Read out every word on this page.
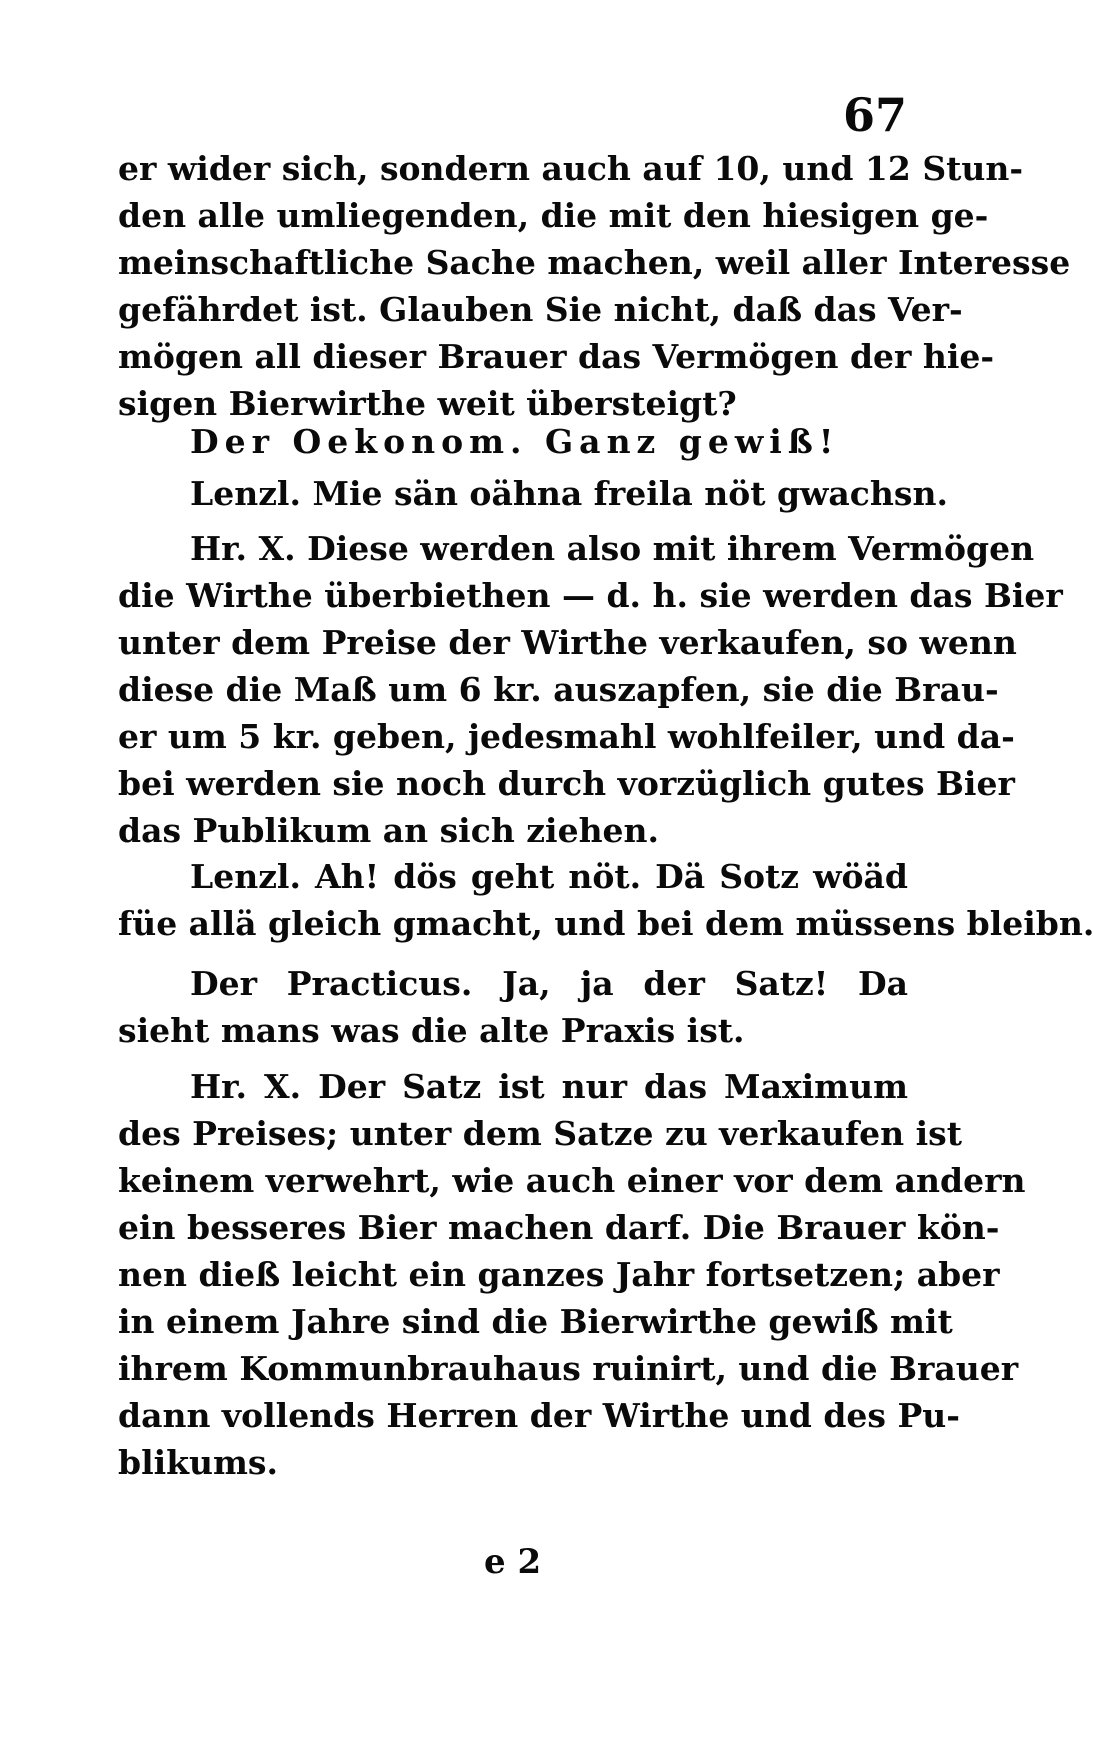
67
er wider sich, sondern auch auf 10, und 12 Stun-
den alle umliegenden, die mit den hiesigen ge-
meinschaftliche Sache machen, weil aller Interesse
gefährdet ist. Glauben Sie nicht, daß das Ver-
mögen all dieser Brauer das Vermögen der hie-
sigen Bierwirthe weit übersteigt?
Der Oekonom. Ganz gewiß!
Lenzl. Mie sän oähna freila nöt gwachsn.
Hr. X. Diese werden also mit ihrem Vermögen
die Wirthe überbiethen — d. h. sie werden das Bier
unter dem Preise der Wirthe verkaufen, so wenn
diese die Maß um 6 kr. auszapfen, sie die Brau-
er um 5 kr. geben, jedesmahl wohlfeiler, und da-
bei werden sie noch durch vorzüglich gutes Bier
das Publikum an sich ziehen.
Lenzl. Ah! dös geht nöt. Dä Sotz wöäd
füe allä gleich gmacht, und bei dem müssens bleibn.
Der Practicus. Ja, ja der Satz! Da
sieht mans was die alte Praxis ist.
Hr. X. Der Satz ist nur das Maximum
des Preises; unter dem Satze zu verkaufen ist
keinem verwehrt, wie auch einer vor dem andern
ein besseres Bier machen darf. Die Brauer kön-
nen dieß leicht ein ganzes Jahr fortsetzen; aber
in einem Jahre sind die Bierwirthe gewiß mit
ihrem Kommunbrauhaus ruinirt, und die Brauer
dann vollends Herren der Wirthe und des Pu-
blikums.
e 2
